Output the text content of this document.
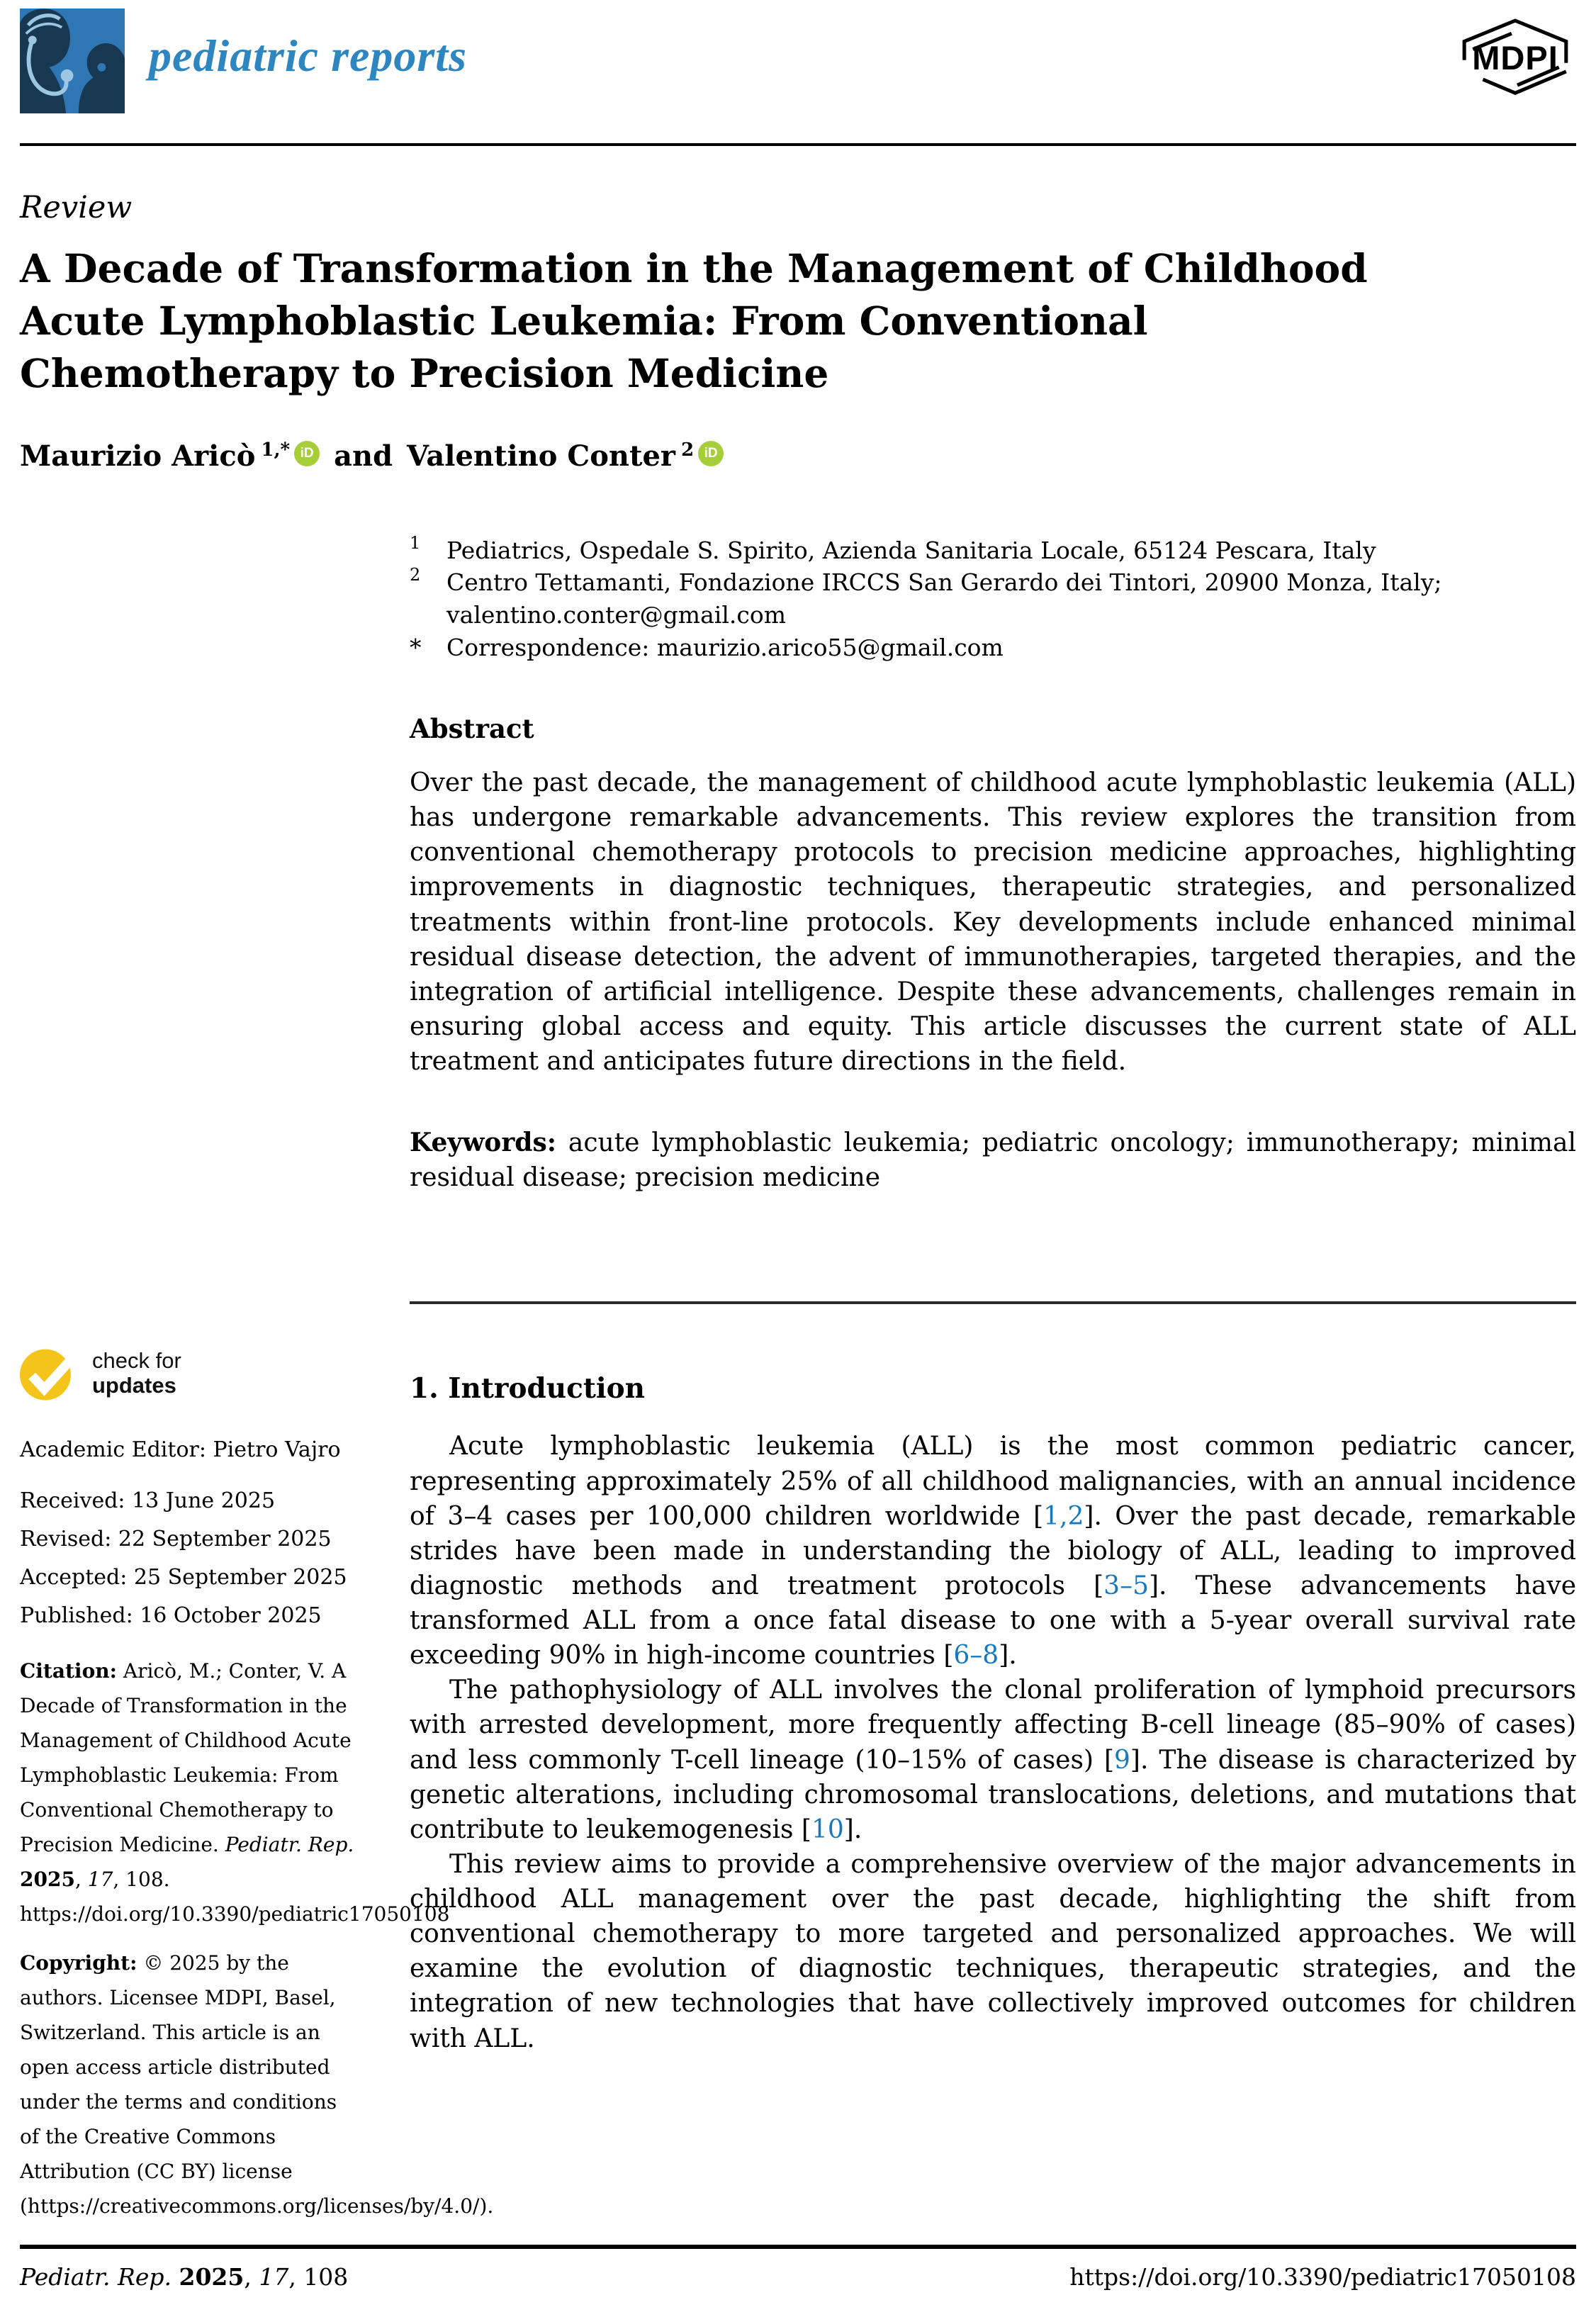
pediatric reports	MDPI
Review
A Decade of Transformation in the Management of Childhood
Acute Lymphoblastic Leukemia: From Conventional
Chemotherapy to Precision Medicine
Maurizio Aricò $^{1,*}$ iD and Valentino Conter $^2$ iD
check for
updates
Academic Editor: Pietro Vajro
Received: 13 June 2025
Revised: 22 September 2025
Accepted: 25 September 2025
Published: 16 October 2025

Citation: Aricò, M.; Conter, V. A Decade of Transformation in the Management of Childhood Acute Lymphoblastic Leukemia: From Conventional Chemotherapy to Precision Medicine. Pediatr. Rep. 2025, 17, 108. https://doi.org/10.3390/pediatric17050108

Copyright: © 2025 by the authors. Licensee MDPI, Basel, Switzerland. This article is an open access article distributed under the terms and conditions of the Creative Commons Attribution (CC BY) license (https://creativecommons.org/licenses/by/4.0/).

1	Pediatrics, Ospedale S. Spirito, Azienda Sanitaria Locale, 65124 Pescara, Italy
2	Centro Tettamanti, Fondazione IRCCS San Gerardo dei Tintori, 20900 Monza, Italy; valentino.conter@gmail.com
*	Correspondence: maurizio.arico55@gmail.com
Abstract

Over the past decade, the management of childhood acute lymphoblastic leukemia (ALL) has undergone remarkable advancements. This review explores the transition from conventional chemotherapy protocols to precision medicine approaches, highlighting improvements in diagnostic techniques, therapeutic strategies, and personalized treatments within front-line protocols. Key developments include enhanced minimal residual disease detection, the advent of immunotherapies, targeted therapies, and the integration of artificial intelligence. Despite these advancements, challenges remain in ensuring global access and equity. This article discusses the current state of ALL treatment and anticipates future directions in the field.

Keywords: acute lymphoblastic leukemia; pediatric oncology; immunotherapy; minimal residual disease; precision medicine

1. Introduction

Acute lymphoblastic leukemia (ALL) is the most common pediatric cancer, representing approximately 25% of all childhood malignancies, with an annual incidence of 3–4 cases per 100,000 children worldwide [1,2]. Over the past decade, remarkable strides have been made in understanding the biology of ALL, leading to improved diagnostic methods and treatment protocols [3–5]. These advancements have transformed ALL from a once fatal disease to one with a 5-year overall survival rate exceeding 90% in high-income countries [6–8].

The pathophysiology of ALL involves the clonal proliferation of lymphoid precursors with arrested development, more frequently affecting B-cell lineage (85–90% of cases) and less commonly T-cell lineage (10–15% of cases) [9]. The disease is characterized by genetic alterations, including chromosomal translocations, deletions, and mutations that contribute to leukemogenesis [10].

This review aims to provide a comprehensive overview of the major advancements in childhood ALL management over the past decade, highlighting the shift from conventional chemotherapy to more targeted and personalized approaches. We will examine the evolution of diagnostic techniques, therapeutic strategies, and the integration of new technologies that have collectively improved outcomes for children with ALL.

Pediatr. Rep. 2025, 17, 108	https://doi.org/10.3390/pediatric17050108
